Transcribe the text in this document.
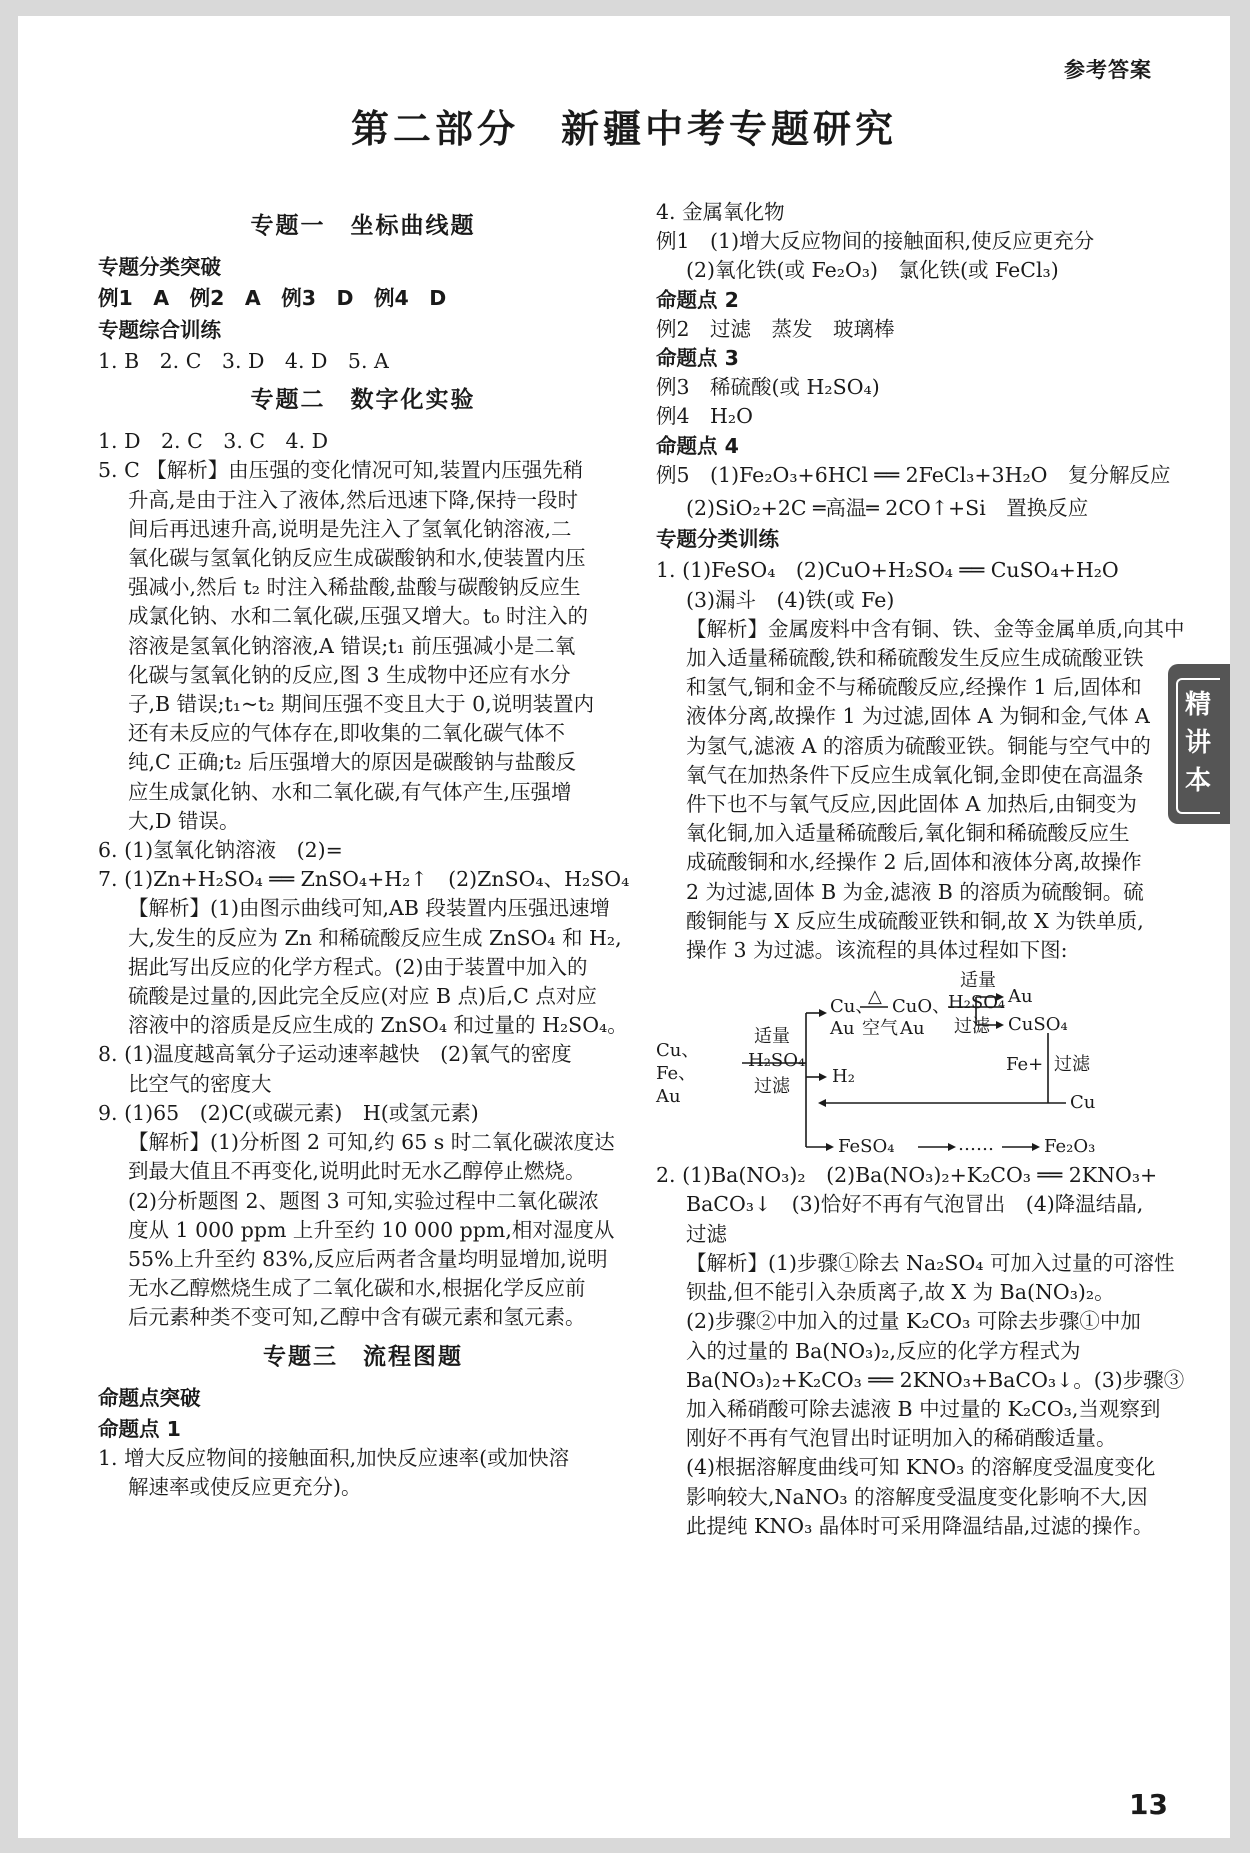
参考答案
第二部分　新疆中考专题研究
专题一　坐标曲线题
专题分类突破
例1　A　例2　A　例3　D　例4　D
专题综合训练
1. B　2. C　3. D　4. D　5. A
专题二　数字化实验
1. D　2. C　3. C　4. D
5. C 【解析】由压强的变化情况可知,装置内压强先稍
升高,是由于注入了液体,然后迅速下降,保持一段时
间后再迅速升高,说明是先注入了氢氧化钠溶液,二
氧化碳与氢氧化钠反应生成碳酸钠和水,使装置内压
强减小,然后 t₂ 时注入稀盐酸,盐酸与碳酸钠反应生
成氯化钠、水和二氧化碳,压强又增大。t₀ 时注入的
溶液是氢氧化钠溶液,A 错误;t₁ 前压强减小是二氧
化碳与氢氧化钠的反应,图 3 生成物中还应有水分
子,B 错误;t₁~t₂ 期间压强不变且大于 0,说明装置内
还有未反应的气体存在,即收集的二氧化碳气体不
纯,C 正确;t₂ 后压强增大的原因是碳酸钠与盐酸反
应生成氯化钠、水和二氧化碳,有气体产生,压强增
大,D 错误。
6. (1)氢氧化钠溶液　(2)=
7. (1)Zn+H₂SO₄ ══ ZnSO₄+H₂↑　(2)ZnSO₄、H₂SO₄
【解析】(1)由图示曲线可知,AB 段装置内压强迅速增
大,发生的反应为 Zn 和稀硫酸反应生成 ZnSO₄ 和 H₂,
据此写出反应的化学方程式。(2)由于装置中加入的
硫酸是过量的,因此完全反应(对应 B 点)后,C 点对应
溶液中的溶质是反应生成的 ZnSO₄ 和过量的 H₂SO₄。
8. (1)温度越高氧分子运动速率越快　(2)氧气的密度
比空气的密度大
9. (1)65　(2)C(或碳元素)　H(或氢元素)
【解析】(1)分析图 2 可知,约 65 s 时二氧化碳浓度达
到最大值且不再变化,说明此时无水乙醇停止燃烧。
(2)分析题图 2、题图 3 可知,实验过程中二氧化碳浓
度从 1 000 ppm 上升至约 10 000 ppm,相对湿度从
55%上升至约 83%,反应后两者含量均明显增加,说明
无水乙醇燃烧生成了二氧化碳和水,根据化学反应前
后元素种类不变可知,乙醇中含有碳元素和氢元素。
专题三　流程图题
命题点突破
命题点 1
1. 增大反应物间的接触面积,加快反应速率(或加快溶
解速率或使反应更充分)。
4. 金属氧化物
例1　(1)增大反应物间的接触面积,使反应更充分
(2)氧化铁(或 Fe₂O₃)　氯化铁(或 FeCl₃)
命题点 2
例2　过滤　蒸发　玻璃棒
命题点 3
例3　稀硫酸(或 H₂SO₄)
例4　H₂O
命题点 4
例5　(1)Fe₂O₃+6HCl ══ 2FeCl₃+3H₂O　复分解反应
(2)SiO₂+2C ═高温═ 2CO↑+Si　置换反应
专题分类训练
1. (1)FeSO₄　(2)CuO+H₂SO₄ ══ CuSO₄+H₂O
(3)漏斗　(4)铁(或 Fe)
【解析】金属废料中含有铜、铁、金等金属单质,向其中
加入适量稀硫酸,铁和稀硫酸发生反应生成硫酸亚铁
和氢气,铜和金不与稀硫酸反应,经操作 1 后,固体和
液体分离,故操作 1 为过滤,固体 A 为铜和金,气体 A
为氢气,滤液 A 的溶质为硫酸亚铁。铜能与空气中的
氧气在加热条件下反应生成氧化铜,金即使在高温条
件下也不与氧气反应,因此固体 A 加热后,由铜变为
氧化铜,加入适量稀硫酸后,氧化铜和稀硫酸反应生
成硫酸铜和水,经操作 2 后,固体和液体分离,故操作
2 为过滤,固体 B 为金,滤液 B 的溶质为硫酸铜。硫
酸铜能与 X 反应生成硫酸亚铁和铜,故 X 为铁单质,
操作 3 为过滤。该流程的具体过程如下图:
Cu、
Fe、
Au
适量
H₂SO₄
过滤
Cu、
Au
△
空气
CuO、
Au
适量
H₂SO₄
过滤
Au
CuSO₄
H₂
Fe+ 过滤
Cu
FeSO₄	……	Fe₂O₃
2. (1)Ba(NO₃)₂　(2)Ba(NO₃)₂+K₂CO₃ ══ 2KNO₃+
BaCO₃↓　(3)恰好不再有气泡冒出　(4)降温结晶,
过滤
【解析】(1)步骤①除去 Na₂SO₄ 可加入过量的可溶性
钡盐,但不能引入杂质离子,故 X 为 Ba(NO₃)₂。
(2)步骤②中加入的过量 K₂CO₃ 可除去步骤①中加
入的过量的 Ba(NO₃)₂,反应的化学方程式为
Ba(NO₃)₂+K₂CO₃ ══ 2KNO₃+BaCO₃↓。(3)步骤③
加入稀硝酸可除去滤液 B 中过量的 K₂CO₃,当观察到
刚好不再有气泡冒出时证明加入的稀硝酸适量。
(4)根据溶解度曲线可知 KNO₃ 的溶解度受温度变化
影响较大,NaNO₃ 的溶解度受温度变化影响不大,因
此提纯 KNO₃ 晶体时可采用降温结晶,过滤的操作。
精讲本
13
